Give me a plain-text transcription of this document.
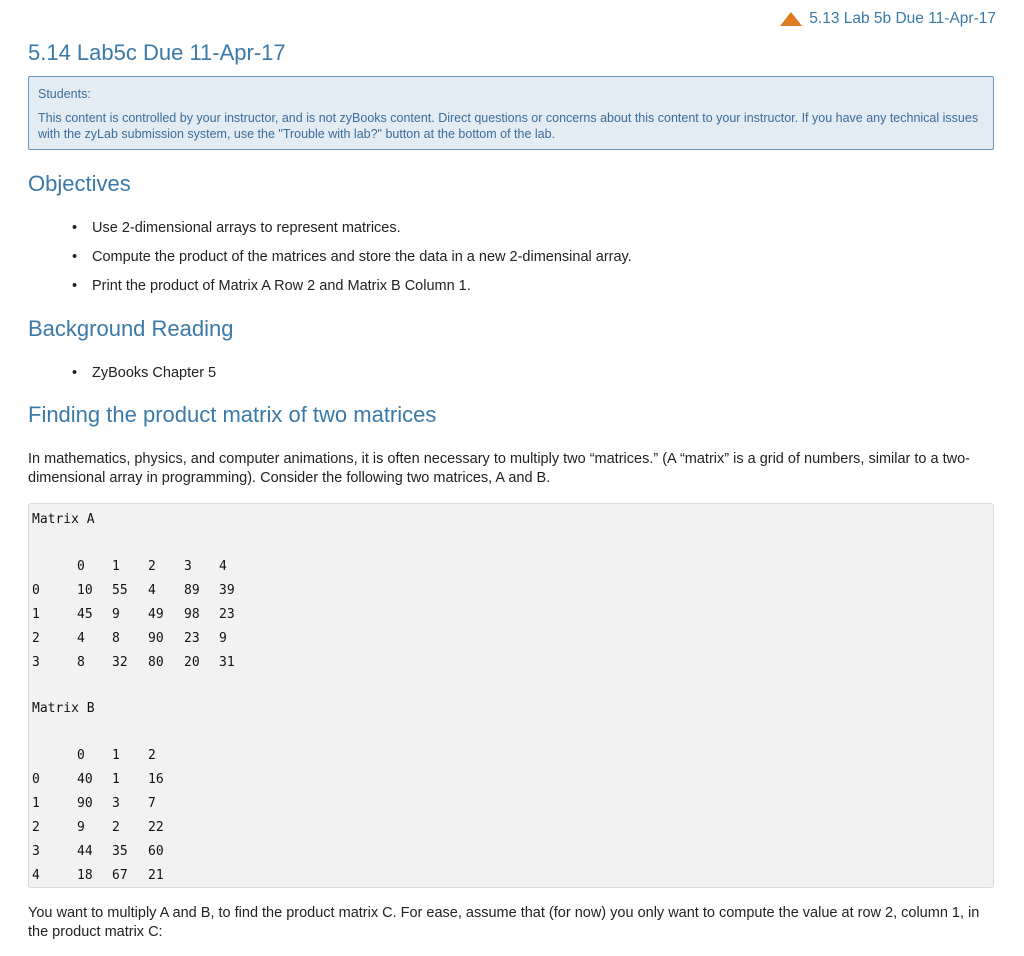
5.13 Lab 5b Due 11-Apr-17
5.14 Lab5c Due 11-Apr-17
Students:
This content is controlled by your instructor, and is not zyBooks content. Direct questions or concerns about this content to your instructor. If you have any technical issues with the zyLab submission system, use the "Trouble with lab?" button at the bottom of the lab.
Objectives
• Use 2-dimensional arrays to represent matrices.
• Compute the product of the matrices and store the data in a new 2-dimensinal array.
• Print the product of Matrix A Row 2 and Matrix B Column 1.
Background Reading
• ZyBooks Chapter 5
Finding the product matrix of two matrices

In mathematics, physics, and computer animations, it is often necessary to multiply two “matrices.” (A “matrix” is a grid of numbers, similar to a two-dimensional array in programming). Consider the following two matrices, A and B.

Matrix A
0 1 2 3 4
0	10 55 4 89 39
1	45 9 49 98 23
2	4 8 90 23 9
3	8 32 80 20 31
Matrix B
0 1 2
0	40 1 16
1	90 3 7
2	9 2 22
3	44 35 60
4	18 67 21

You want to multiply A and B, to find the product matrix C. For ease, assume that (for now) you only want to compute the value at row 2, column 1, in the product matrix C:
